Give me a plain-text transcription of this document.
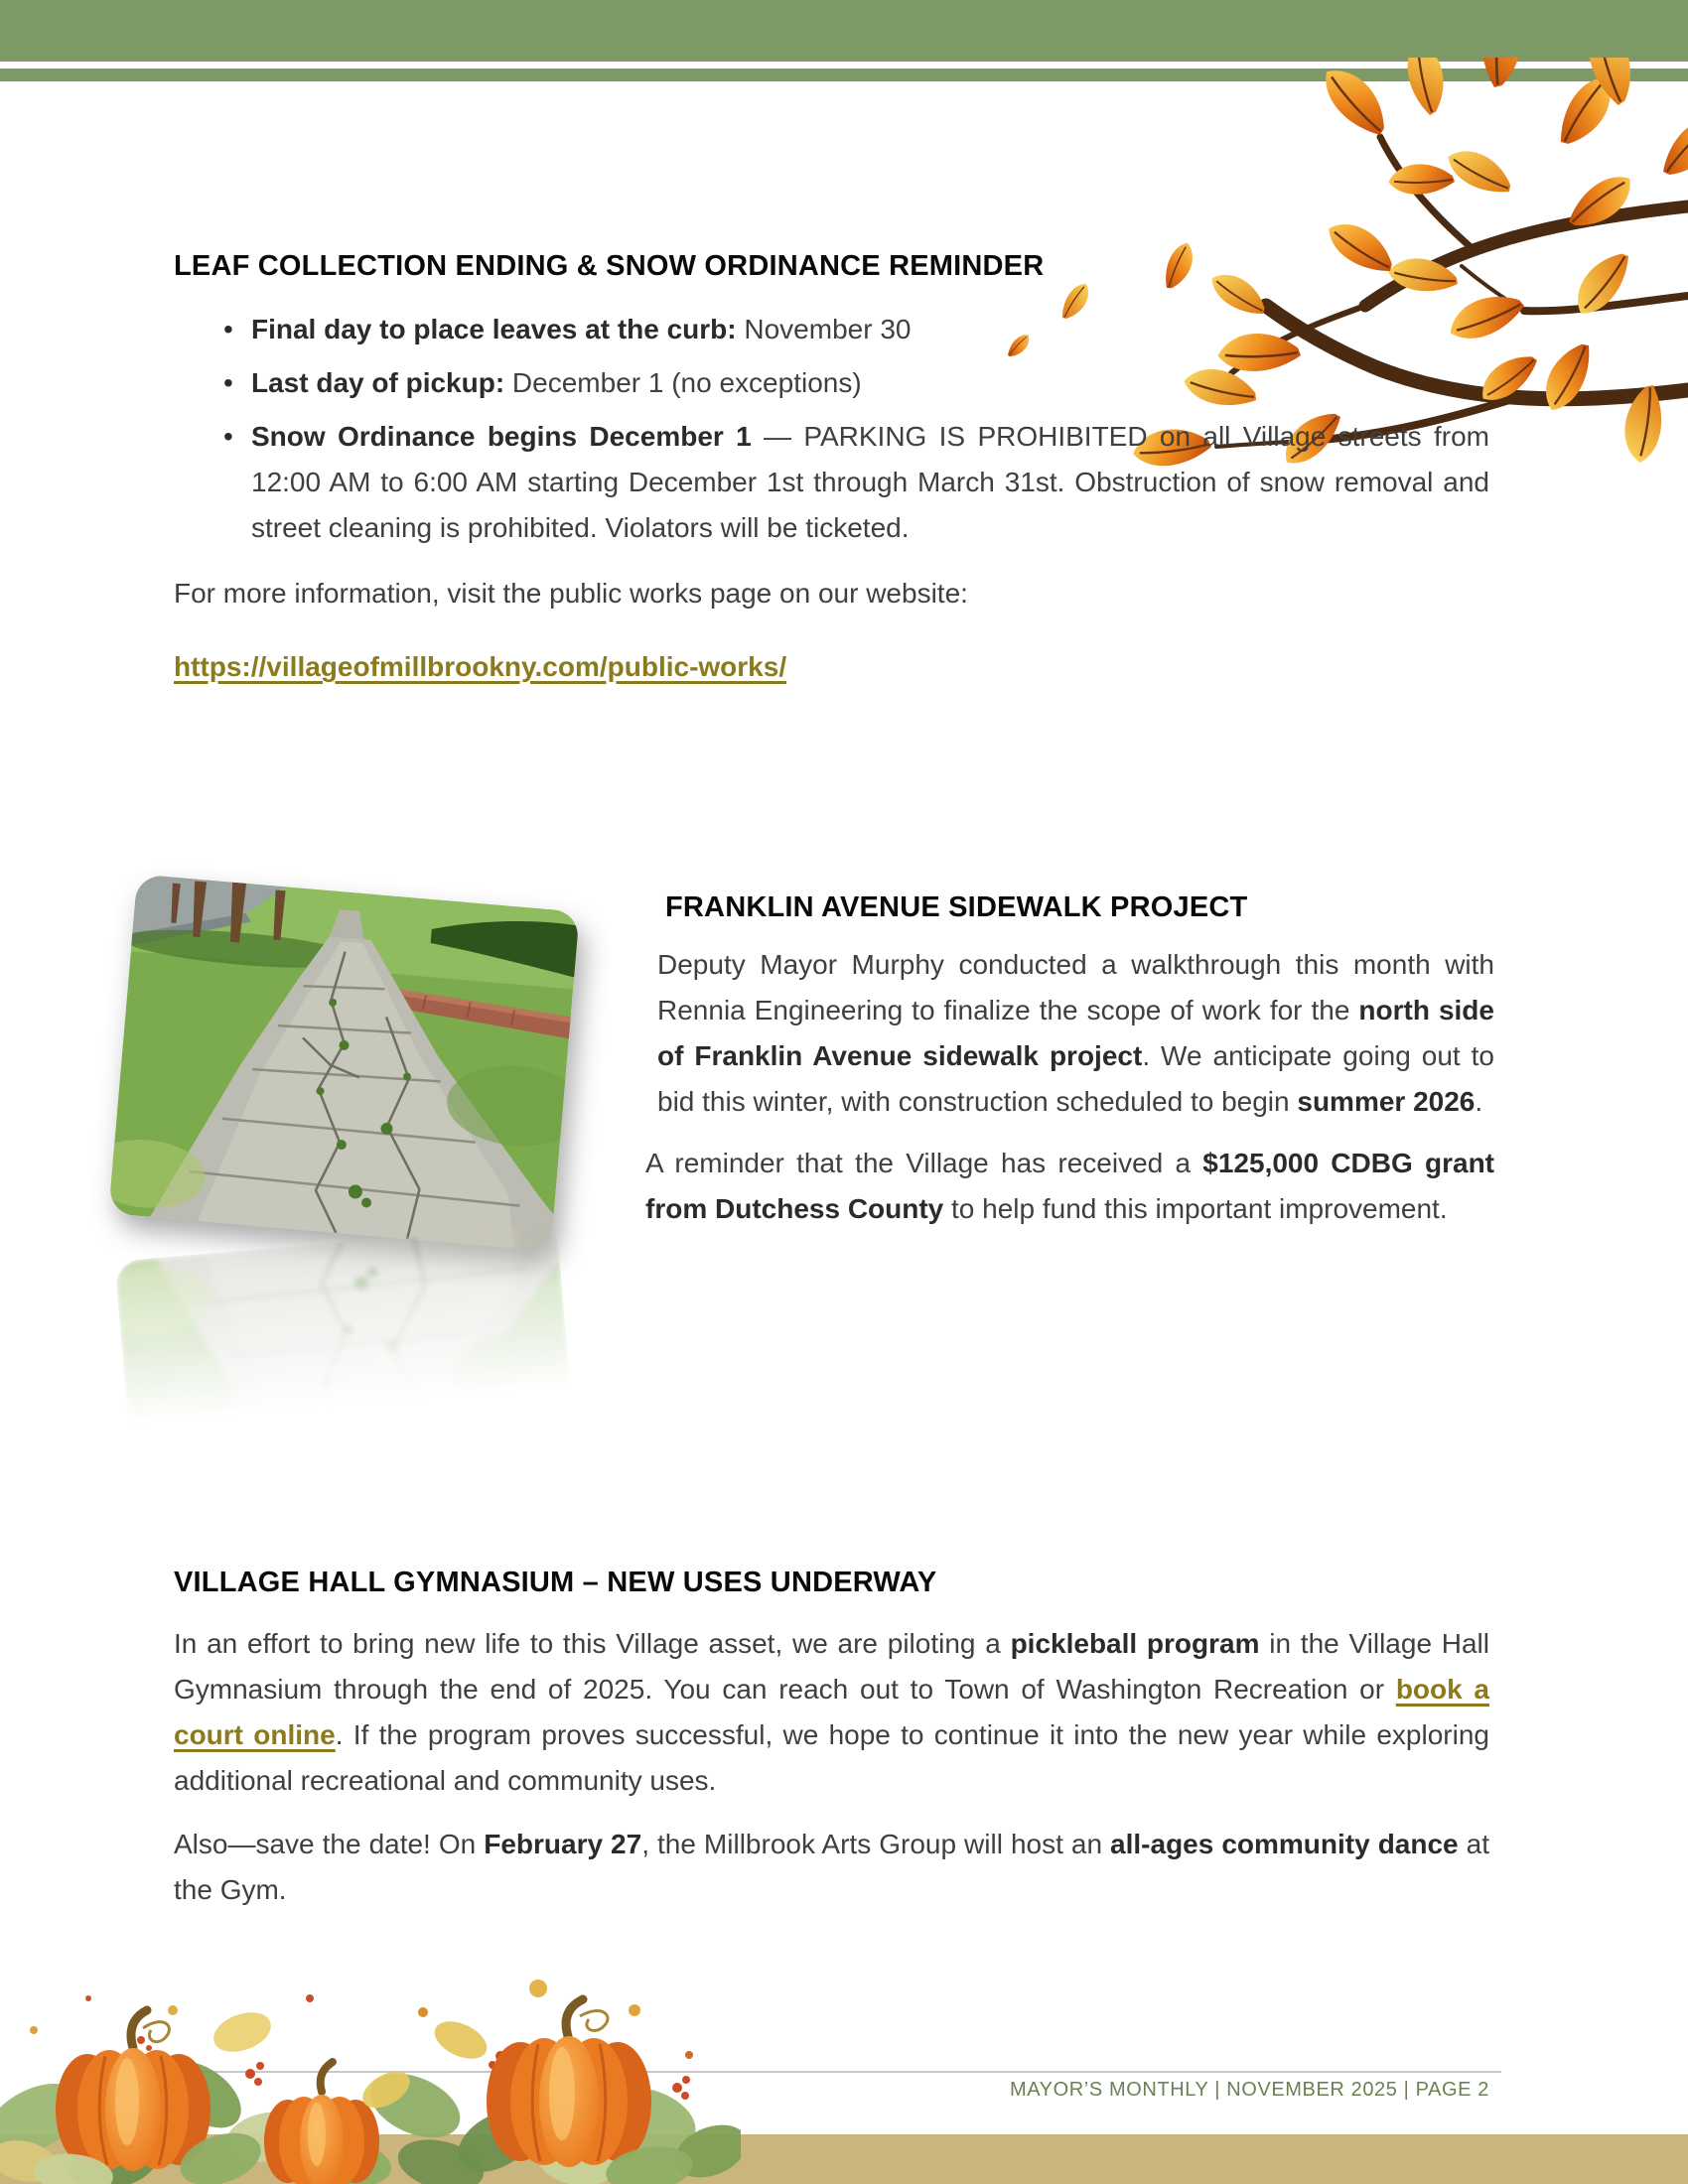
LEAF COLLECTION ENDING & SNOW ORDINANCE REMINDER
• Final day to place leaves at the curb: November 30
• Last day of pickup: December 1 (no exceptions)
• Snow Ordinance begins December 1 — PARKING IS PROHIBITED on all Village streets from 12:00 AM to 6:00 AM starting December 1st through March 31st. Obstruction of snow removal and street cleaning is prohibited. Violators will be ticketed.

For more information, visit the public works page on our website:

https://villageofmillbrookny.com/public-works/

FRANKLIN AVENUE SIDEWALK PROJECT

Deputy Mayor Murphy conducted a walkthrough this month with Rennia Engineering to finalize the scope of work for the north side of Franklin Avenue sidewalk project. We anticipate going out to bid this winter, with construction scheduled to begin summer 2026.

A reminder that the Village has received a $125,000 CDBG grant from Dutchess County to help fund this important improvement.

VILLAGE HALL GYMNASIUM – NEW USES UNDERWAY

In an effort to bring new life to this Village asset, we are piloting a pickleball program in the Village Hall Gymnasium through the end of 2025. You can reach out to Town of Washington Recreation or book a court online. If the program proves successful, we hope to continue it into the new year while exploring additional recreational and community uses.

Also—save the date! On February 27, the Millbrook Arts Group will host an all-ages community dance at the Gym.

MAYOR’S MONTHLY | NOVEMBER 2025 | PAGE 2
